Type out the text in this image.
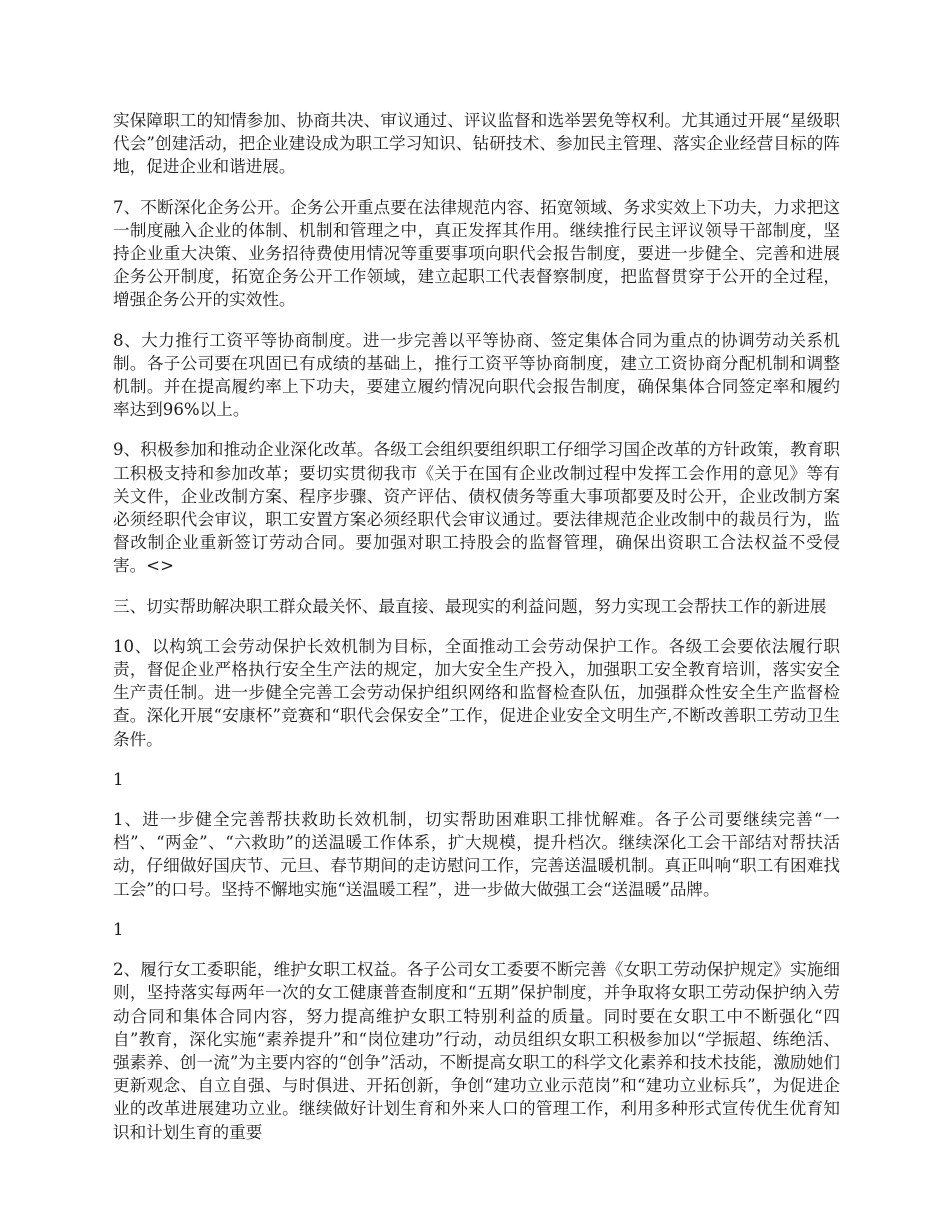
实保障职工的知情参加、协商共决、审议通过、评议监督和选举罢免等权利。尤其通过开展“星级职代会”创建活动，把企业建设成为职工学习知识、钻研技术、参加民主管理、落实企业经营目标的阵地，促进企业和谐进展。

7、不断深化企务公开。企务公开重点要在法律规范内容、拓宽领域、务求实效上下功夫，力求把这一制度融入企业的体制、机制和管理之中，真正发挥其作用。继续推行民主评议领导干部制度，坚持企业重大决策、业务招待费使用情况等重要事项向职代会报告制度，要进一步健全、完善和进展企务公开制度，拓宽企务公开工作领域，建立起职工代表督察制度，把监督贯穿于公开的全过程，增强企务公开的实效性。

8、大力推行工资平等协商制度。进一步完善以平等协商、签定集体合同为重点的协调劳动关系机制。各子公司要在巩固已有成绩的基础上，推行工资平等协商制度，建立工资协商分配机制和调整机制。并在提高履约率上下功夫，要建立履约情况向职代会报告制度，确保集体合同签定率和履约率达到96%以上。

9、积极参加和推动企业深化改革。各级工会组织要组织职工仔细学习国企改革的方针政策，教育职工积极支持和参加改革；要切实贯彻我市《关于在国有企业改制过程中发挥工会作用的意见》等有关文件，企业改制方案、程序步骤、资产评估、债权债务等重大事项都要及时公开，企业改制方案必须经职代会审议，职工安置方案必须经职代会审议通过。要法律规范企业改制中的裁员行为，监督改制企业重新签订劳动合同。要加强对职工持股会的监督管理，确保出资职工合法权益不受侵害。<>

三、切实帮助解决职工群众最关怀、最直接、最现实的利益问题，努力实现工会帮扶工作的新进展

10、以构筑工会劳动保护长效机制为目标，全面推动工会劳动保护工作。各级工会要依法履行职责，督促企业严格执行安全生产法的规定，加大安全生产投入，加强职工安全教育培训，落实安全生产责任制。进一步健全完善工会劳动保护组织网络和监督检查队伍，加强群众性安全生产监督检查。深化开展“安康杯”竞赛和“职代会保安全”工作，促进企业安全文明生产,不断改善职工劳动卫生条件。

1

1、进一步健全完善帮扶救助长效机制，切实帮助困难职工排忧解难。各子公司要继续完善“一档”、“两金”、“六救助”的送温暖工作体系，扩大规模，提升档次。继续深化工会干部结对帮扶活动，仔细做好国庆节、元旦、春节期间的走访慰问工作，完善送温暖机制。真正叫响“职工有困难找工会”的口号。坚持不懈地实施“送温暖工程”，进一步做大做强工会“送温暖”品牌。

1

2、履行女工委职能，维护女职工权益。各子公司女工委要不断完善《女职工劳动保护规定》实施细则，坚持落实每两年一次的女工健康普查制度和“五期”保护制度，并争取将女职工劳动保护纳入劳动合同和集体合同内容，努力提高维护女职工特别利益的质量。同时要在女职工中不断强化“四自”教育，深化实施“素养提升”和“岗位建功”行动，动员组织女职工积极参加以“学振超、练绝活、强素养、创一流”为主要内容的“创争”活动，不断提高女职工的科学文化素养和技术技能，激励她们更新观念、自立自强、与时俱进、开拓创新，争创“建功立业示范岗”和“建功立业标兵”，为促进企业的改革进展建功立业。继续做好计划生育和外来人口的管理工作，利用多种形式宣传优生优育知识和计划生育的重要
